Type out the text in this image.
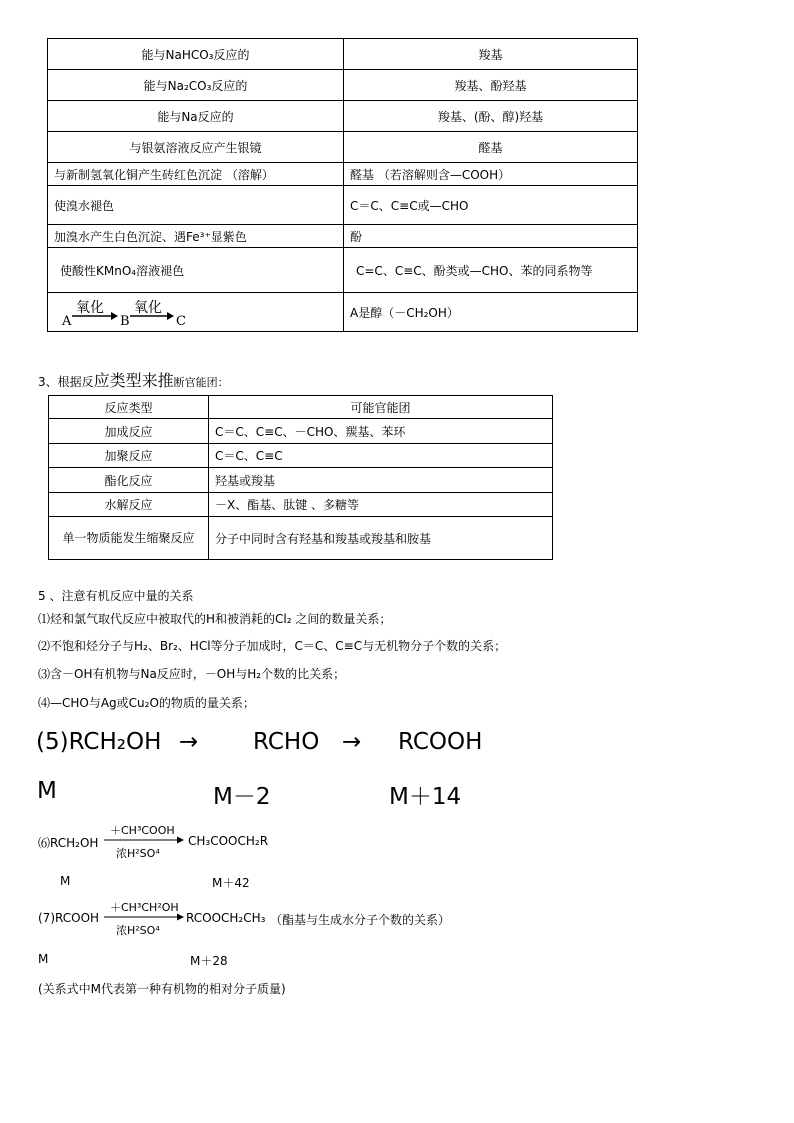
能与NaHCO₃反应的	羧基
能与Na₂CO₃反应的	羧基、酚羟基
能与Na反应的	羧基、(酚、醇)羟基
与银氨溶液反应产生银镜	醛基
与新制氢氧化铜产生砖红色沉淀 （溶解）	醛基 （若溶解则含—COOH）
使溴水褪色	C＝C、C≡C或—CHO
加溴水产生白色沉淀、遇Fe³⁺显紫色	酚
使酸性KMnO₄溶液褪色	C=C、C≡C、酚类或—CHO、苯的同系物等

A
氧化
B
氧化
C	A是醇（－CH₂OH）
3、根据反应类型来推断官能团：
反应类型	可能官能团
加成反应	C＝C、C≡C、－CHO、羰基、苯环
加聚反应	C＝C、C≡C
酯化反应	羟基或羧基
水解反应	－X、酯基、肽键 、多糖等
单一物质能发生缩聚反应	分子中同时含有羟基和羧基或羧基和胺基
5 、注意有机反应中量的关系
⑴烃和氯气取代反应中被取代的H和被消耗的Cl₂ 之间的数量关系；
⑵不饱和烃分子与H₂、Br₂、HCl等分子加成时，C＝C、C≡C与无机物分子个数的关系；
⑶含－OH有机物与Na反应时，－OH与H₂个数的比关系；
⑷—CHO与Ag或Cu₂O的物质的量关系；
(5)RCH₂OH → RCHO → RCOOH
M	M－2	M＋14
⑹RCH₂OH
＋CH³COOH
浓H²SO⁴
CH₃COOCH₂R
M	M＋42
(7)RCOOH
＋CH³CH²OH
浓H²SO⁴
RCOOCH₂CH₃ （酯基与生成水分子个数的关系）
M	M＋28
(关系式中M代表第一种有机物的相对分子质量)
